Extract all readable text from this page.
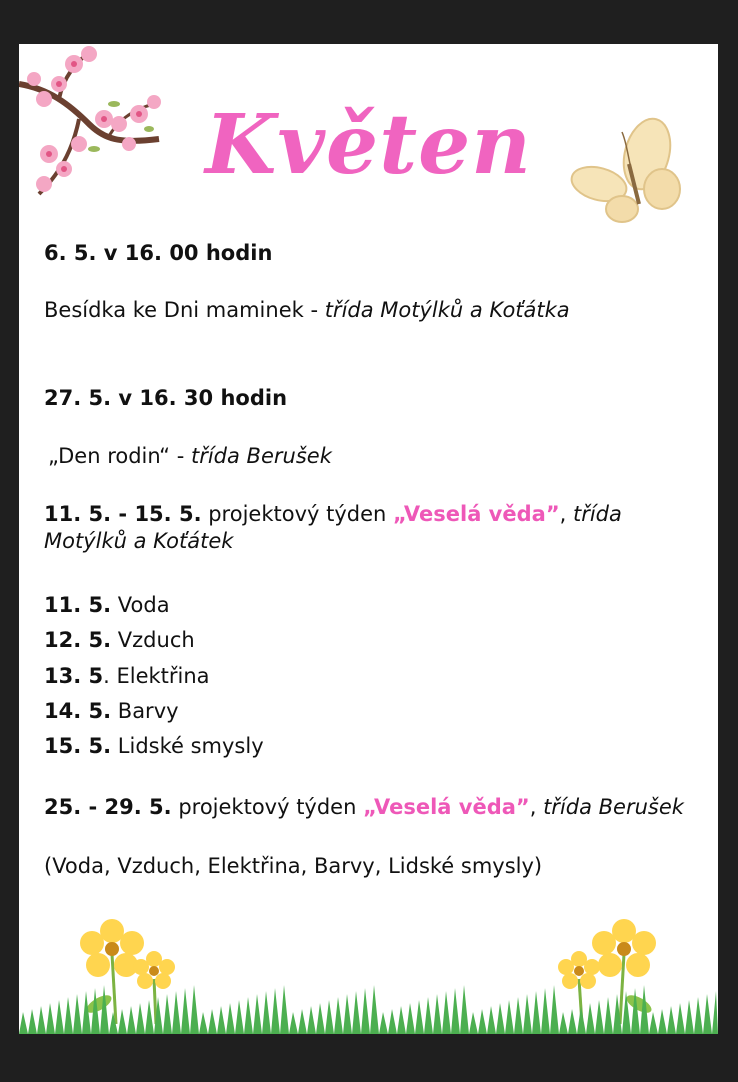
Květen
6. 5. v 16. 00 hodin
Besídka ke Dni maminek - třída Motýlků a Koťátka
27. 5. v 16. 30 hodin
„Den rodin“ - třída Berušek
11. 5. - 15. 5. projektový týden „Veselá věda”, třída Motýlků a Koťátek
11. 5. Voda
12. 5. Vzduch
13. 5. Elektřina
14. 5. Barvy
15. 5. Lidské smysly
25. - 29. 5. projektový týden „Veselá věda”, třída Berušek
(Voda, Vzduch, Elektřina, Barvy, Lidské smysly)
